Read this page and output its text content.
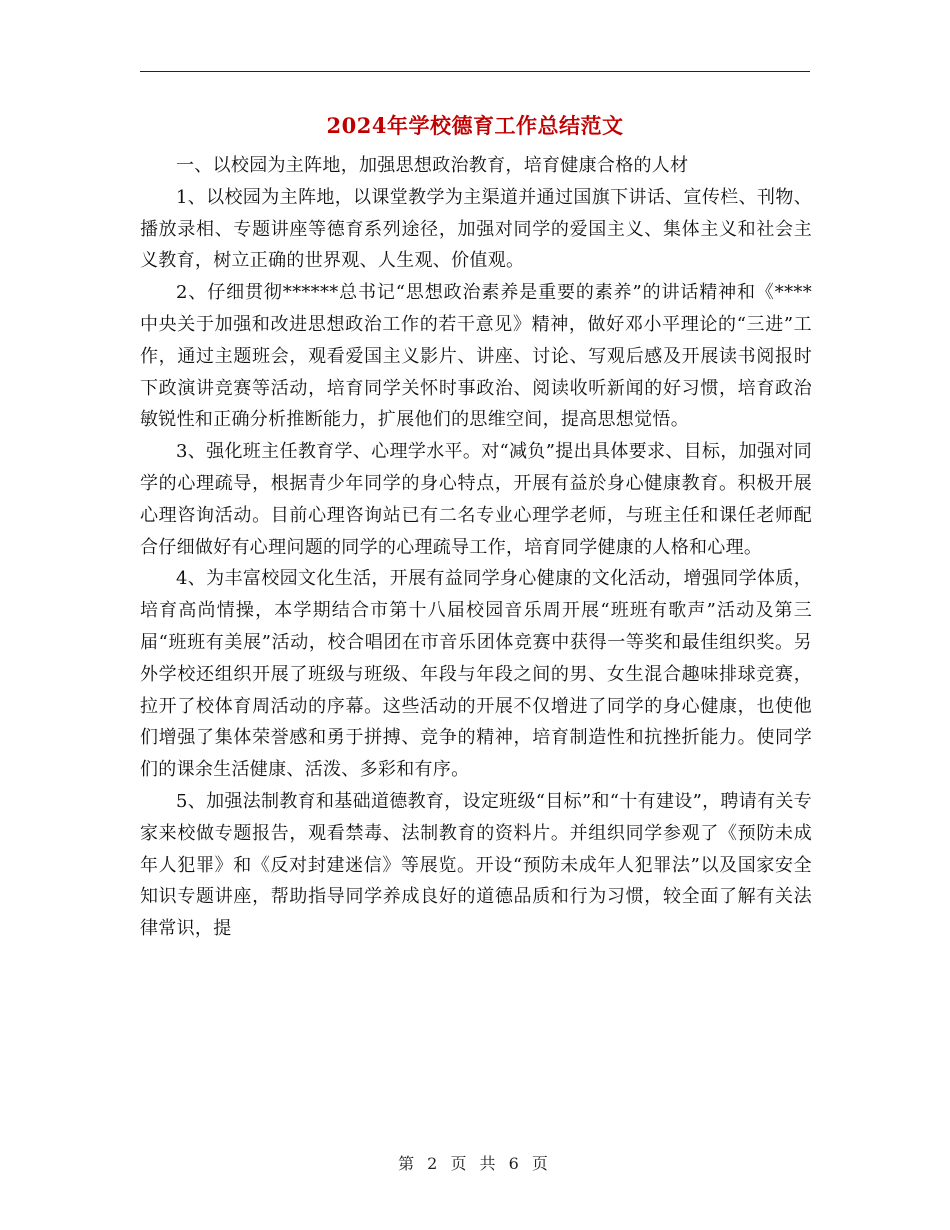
2024年学校德育工作总结范文

一、以校园为主阵地，加强思想政治教育，培育健康合格的人材

1、以校园为主阵地，以课堂教学为主渠道并通过国旗下讲话、宣传栏、刊物、播放录相、专题讲座等德育系列途径，加强对同学的爱国主义、集体主义和社会主义教育，树立正确的世界观、人生观、价值观。

2、仔细贯彻******总书记“思想政治素养是重要的素养”的讲话精神和《****中央关于加强和改进思想政治工作的若干意见》精神，做好邓小平理论的“三进”工作，通过主题班会，观看爱国主义影片、讲座、讨论、写观后感及开展读书阅报时下政演讲竞赛等活动，培育同学关怀时事政治、阅读收听新闻的好习惯，培育政治敏锐性和正确分析推断能力，扩展他们的思维空间，提高思想觉悟。

3、强化班主任教育学、心理学水平。对“减负”提出具体要求、目标，加强对同学的心理疏导，根据青少年同学的身心特点，开展有益於身心健康教育。积极开展心理咨询活动。目前心理咨询站已有二名专业心理学老师，与班主任和课任老师配合仔细做好有心理问题的同学的心理疏导工作，培育同学健康的人格和心理。

4、为丰富校园文化生活，开展有益同学身心健康的文化活动，增强同学体质，培育高尚情操，本学期结合市第十八届校园音乐周开展“班班有歌声”活动及第三届“班班有美展”活动，校合唱团在市音乐团体竞赛中获得一等奖和最佳组织奖。另外学校还组织开展了班级与班级、年段与年段之间的男、女生混合趣味排球竞赛，拉开了校体育周活动的序幕。这些活动的开展不仅增进了同学的身心健康，也使他们增强了集体荣誉感和勇于拼搏、竞争的精神，培育制造性和抗挫折能力。使同学们的课余生活健康、活泼、多彩和有序。

5、加强法制教育和基础道德教育，设定班级“目标”和“十有建设”，聘请有关专家来校做专题报告，观看禁毒、法制教育的资料片。并组织同学参观了《预防未成年人犯罪》和《反对封建迷信》等展览。开设“预防未成年人犯罪法”以及国家安全知识专题讲座，帮助指导同学养成良好的道德品质和行为习惯，较全面了解有关法律常识，提

第 2 页 共 6 页
